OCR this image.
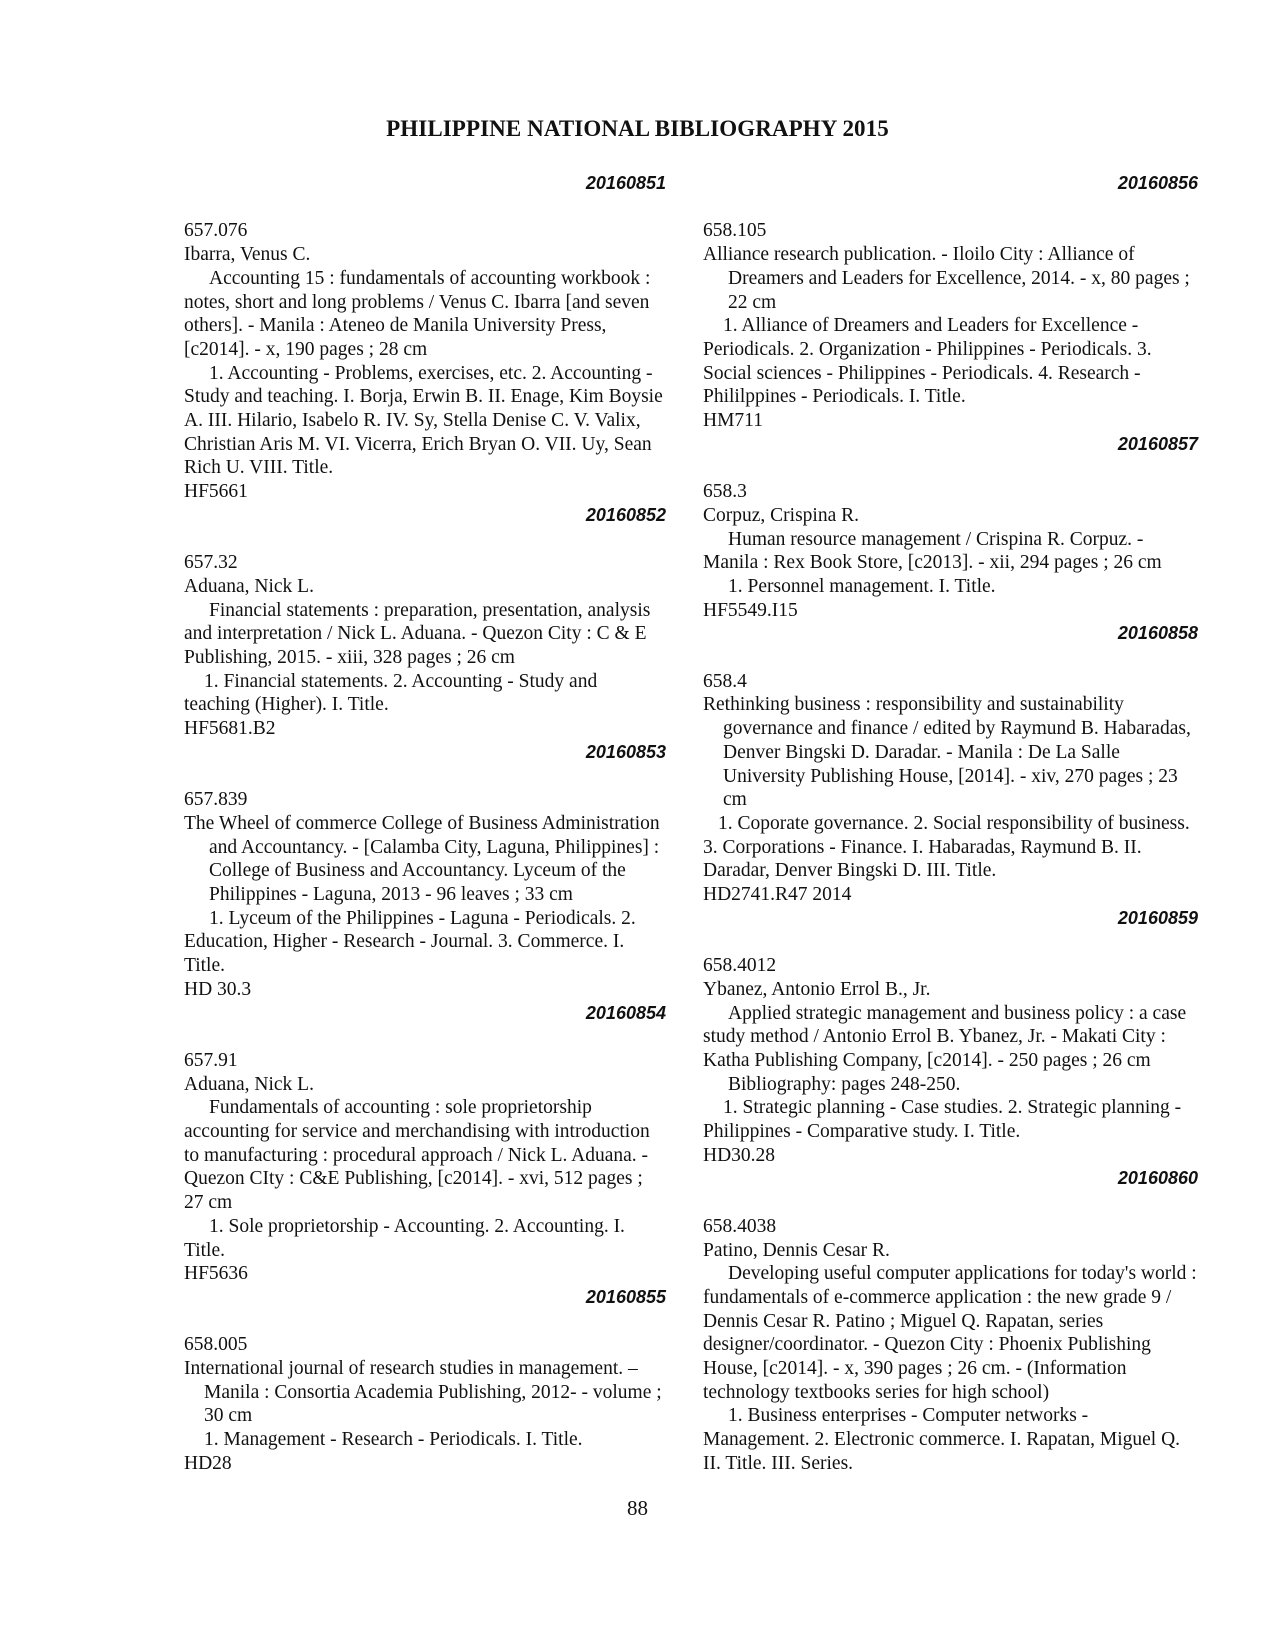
PHILIPPINE NATIONAL BIBLIOGRAPHY 2015
20160851
657.076
Ibarra, Venus C.
Accounting 15 : fundamentals of accounting workbook : notes, short and long problems / Venus C. Ibarra [and seven others]. - Manila : Ateneo de Manila University Press, [c2014]. - x, 190 pages ; 28 cm
1. Accounting - Problems, exercises, etc. 2. Accounting - Study and teaching. I. Borja, Erwin B. II. Enage, Kim Boysie A. III. Hilario, Isabelo R. IV. Sy, Stella Denise C. V. Valix, Christian Aris M. VI. Vicerra, Erich Bryan O. VII. Uy, Sean Rich U. VIII. Title.
HF5661
20160852
657.32
Aduana, Nick L.
Financial statements : preparation, presentation, analysis and interpretation / Nick L. Aduana. - Quezon City : C & E Publishing, 2015. - xiii, 328 pages ; 26 cm
1. Financial statements. 2. Accounting - Study and teaching (Higher). I. Title.
HF5681.B2
20160853
657.839
The Wheel of commerce College of Business Administration and Accountancy. - [Calamba City, Laguna, Philippines] : College of Business and Accountancy. Lyceum of the Philippines - Laguna, 2013 - 96 leaves ; 33 cm
1. Lyceum of the Philippines - Laguna - Periodicals. 2. Education, Higher - Research - Journal. 3. Commerce. I. Title.
HD 30.3
20160854
657.91
Aduana, Nick L.
Fundamentals of accounting : sole proprietorship accounting for service and merchandising with introduction to manufacturing : procedural approach / Nick L. Aduana. - Quezon CIty : C&E Publishing, [c2014]. - xvi, 512 pages ; 27 cm
1. Sole proprietorship - Accounting. 2. Accounting. I. Title.
HF5636
20160855
658.005
International journal of research studies in management. – Manila : Consortia Academia Publishing, 2012- - volume ; 30 cm
1. Management - Research - Periodicals. I. Title.
HD28
20160856
658.105
Alliance research publication. - Iloilo City : Alliance of Dreamers and Leaders for Excellence, 2014. - x, 80 pages ; 22 cm
1. Alliance of Dreamers and Leaders for Excellence - Periodicals. 2. Organization - Philippines - Periodicals. 3. Social sciences - Philippines - Periodicals. 4. Research - Phililppines - Periodicals. I. Title.
HM711
20160857
658.3
Corpuz, Crispina R.
Human resource management / Crispina R. Corpuz. - Manila : Rex Book Store, [c2013]. - xii, 294 pages ; 26 cm
1. Personnel management. I. Title.
HF5549.I15
20160858
658.4
Rethinking business : responsibility and sustainability governance and finance / edited by Raymund B. Habaradas, Denver Bingski D. Daradar. - Manila : De La Salle University Publishing House, [2014]. - xiv, 270 pages ; 23 cm
1. Coporate governance. 2. Social responsibility of business. 3. Corporations - Finance. I. Habaradas, Raymund B. II. Daradar, Denver Bingski D. III. Title.
HD2741.R47 2014
20160859
658.4012
Ybanez, Antonio Errol B., Jr.
Applied strategic management and business policy : a case study method / Antonio Errol B. Ybanez, Jr. - Makati City : Katha Publishing Company, [c2014]. - 250 pages ; 26 cm
Bibliography: pages 248-250.
1. Strategic planning - Case studies. 2. Strategic planning - Philippines - Comparative study. I. Title.
HD30.28
20160860
658.4038
Patino, Dennis Cesar R.
Developing useful computer applications for today's world : fundamentals of e-commerce application : the new grade 9 / Dennis Cesar R. Patino ; Miguel Q. Rapatan, series designer/coordinator. - Quezon City : Phoenix Publishing House, [c2014]. - x, 390 pages ; 26 cm. - (Information technology textbooks series for high school)
1. Business enterprises - Computer networks - Management. 2. Electronic commerce. I. Rapatan, Miguel Q. II. Title. III. Series.
88
